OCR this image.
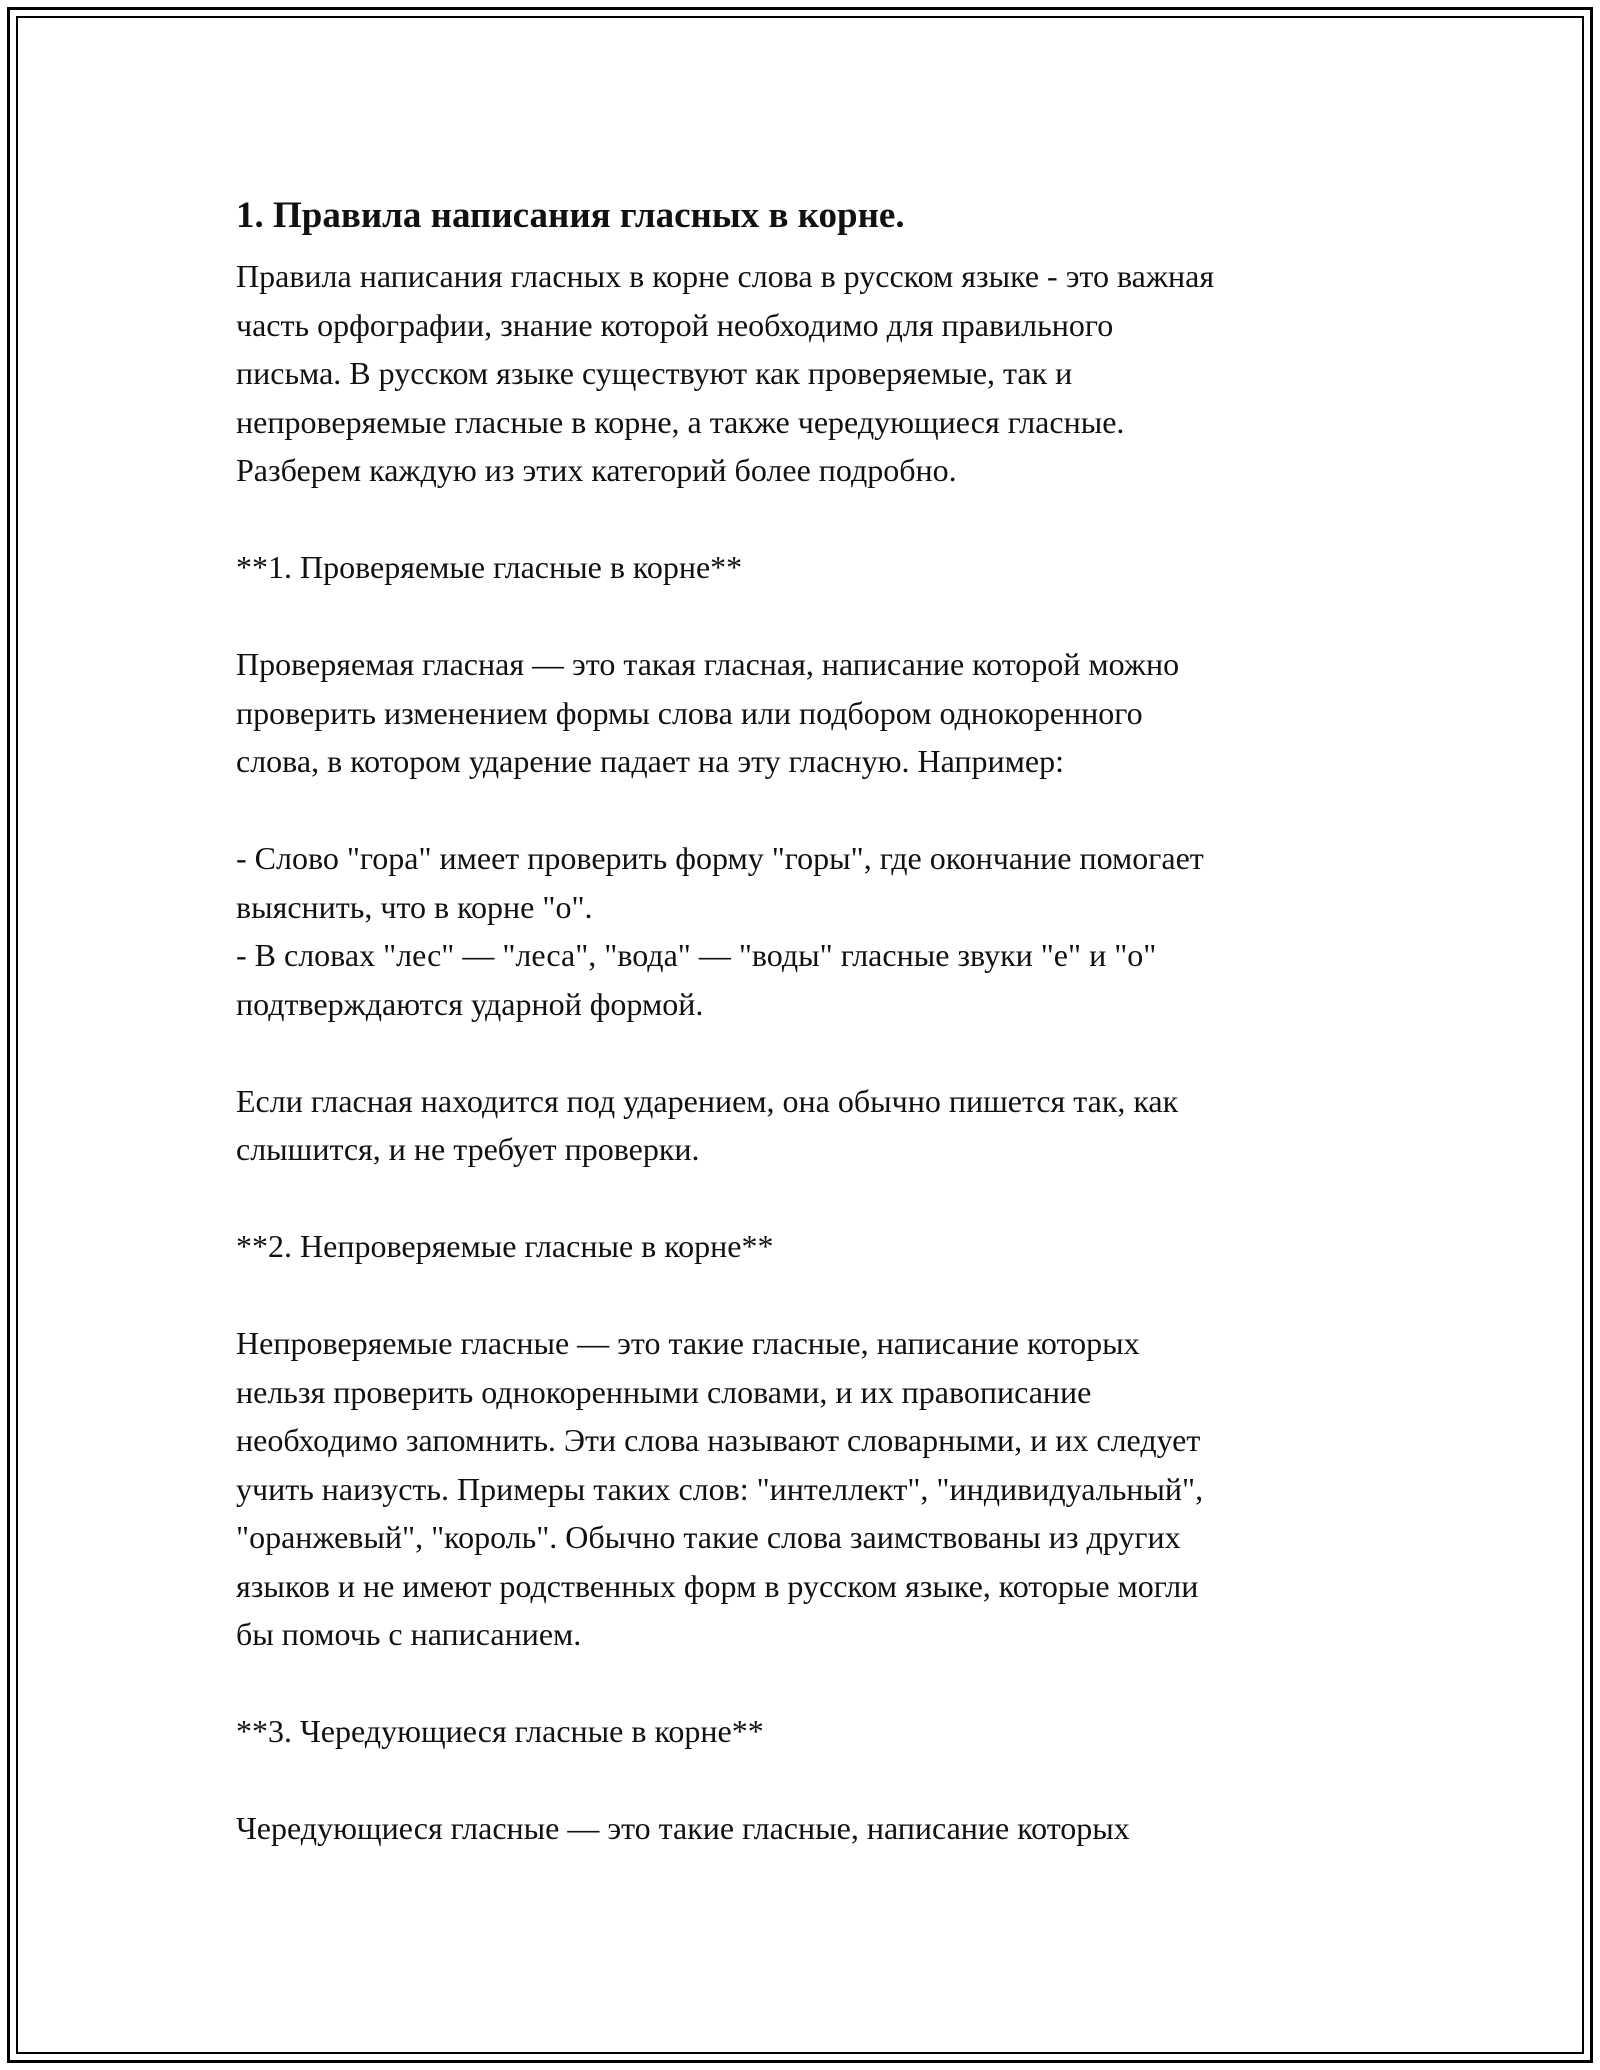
1. Правила написания гласных в корне.

Правила написания гласных в корне слова в русском языке - это важная
часть орфографии, знание которой необходимо для правильного
письма. В русском языке существуют как проверяемые, так и
непроверяемые гласные в корне, а также чередующиеся гласные.
Разберем каждую из этих категорий более подробно.

**1. Проверяемые гласные в корне**

Проверяемая гласная — это такая гласная, написание которой можно
проверить изменением формы слова или подбором однокоренного
слова, в котором ударение падает на эту гласную. Например:

- Слово "гора" имеет проверить форму "горы", где окончание помогает
выяснить, что в корне "о".
- В словах "лес" — "леса", "вода" — "воды" гласные звуки "е" и "о"
подтверждаются ударной формой.

Если гласная находится под ударением, она обычно пишется так, как
слышится, и не требует проверки.

**2. Непроверяемые гласные в корне**

Непроверяемые гласные — это такие гласные, написание которых
нельзя проверить однокоренными словами, и их правописание
необходимо запомнить. Эти слова называют словарными, и их следует
учить наизусть. Примеры таких слов: "интеллект", "индивидуальный",
"оранжевый", "король". Обычно такие слова заимствованы из других
языков и не имеют родственных форм в русском языке, которые могли
бы помочь с написанием.

**3. Чередующиеся гласные в корне**

Чередующиеся гласные — это такие гласные, написание которых
